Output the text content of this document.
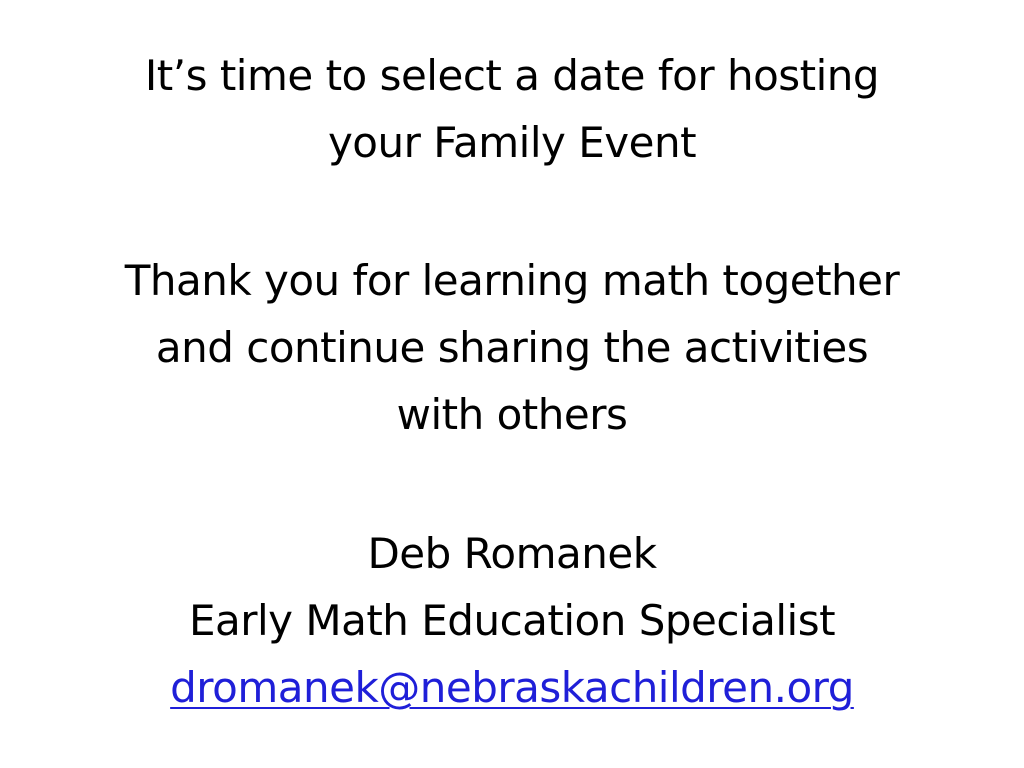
It’s time to select a date for hosting
your Family Event
Thank you for learning math together
and continue sharing the activities
with others
Deb Romanek
Early Math Education Specialist
dromanek@nebraskachildren.org
